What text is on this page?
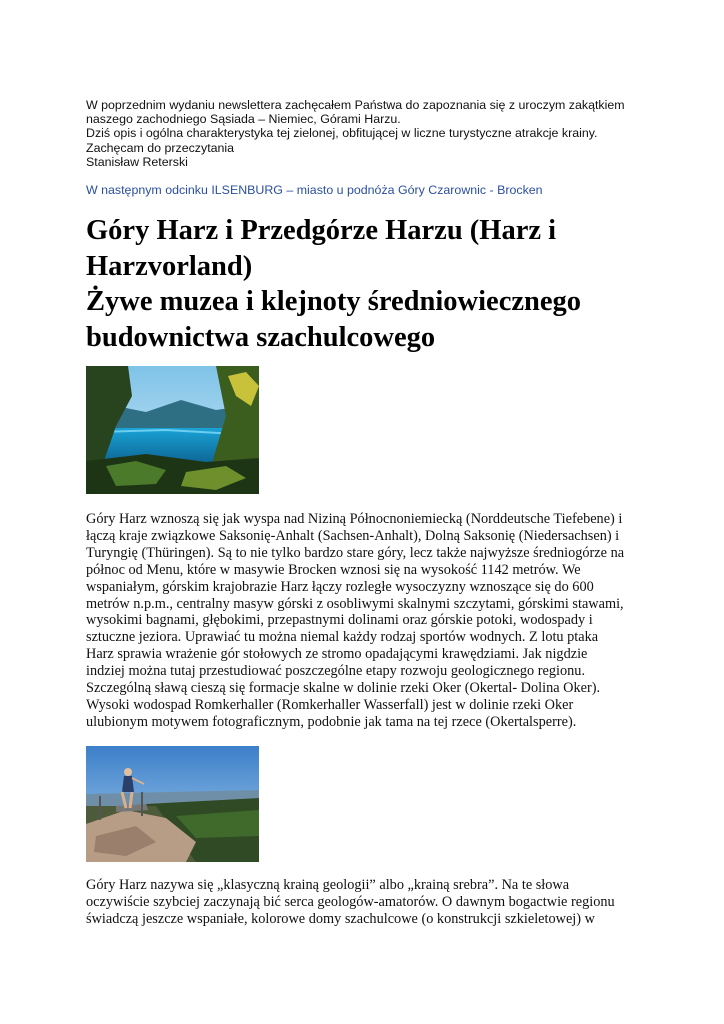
W poprzednim wydaniu newslettera zachęcałem Państwa do zapoznania się z uroczym zakątkiem

naszego zachodniego Sąsiada – Niemiec, Górami Harzu.

Dziś opis i ogólna charakterystyka tej zielonej, obfitującej w liczne turystyczne atrakcje krainy.

Zachęcam do przeczytania

Stanisław Reterski

W następnym odcinku ILSENBURG – miasto u podnóża Góry Czarownic - Brocken
Góry Harz i Przedgórze Harzu (Harz i
Harzvorland)
Żywe muzea i klejnoty średniowiecznego
budownictwa szachulcowego
Góry Harz wznoszą się jak wyspa nad Niziną Północnoniemiecką (Norddeutsche Tiefebene) i
łączą kraje związkowe Saksonię-Anhalt (Sachsen-Anhalt), Dolną Saksonię (Niedersachsen) i
Turyngię (Thüringen). Są to nie tylko bardzo stare góry, lecz także najwyższe średniogórze na
północ od Menu, które w masywie Brocken wznosi się na wysokość 1142 metrów. We
wspaniałym, górskim krajobrazie Harz łączy rozległe wysoczyzny wznoszące się do 600
metrów n.p.m., centralny masyw górski z osobliwymi skalnymi szczytami, górskimi stawami,
wysokimi bagnami, głębokimi, przepastnymi dolinami oraz górskie potoki, wodospady i
sztuczne jeziora. Uprawiać tu można niemal każdy rodzaj sportów wodnych. Z lotu ptaka
Harz sprawia wrażenie gór stołowych ze stromo opadającymi krawędziami. Jak nigdzie
indziej można tutaj przestudiować poszczególne etapy rozwoju geologicznego regionu.
Szczególną sławą cieszą się formacje skalne w dolinie rzeki Oker (Okertal- Dolina Oker).
Wysoki wodospad Romkerhaller (Romkerhaller Wasserfall) jest w dolinie rzeki Oker
ulubionym motywem fotograficznym, podobnie jak tama na tej rzece (Okertalsperre).
Góry Harz nazywa się „klasyczną krainą geologii” albo „krainą srebra”. Na te słowa
oczywiście szybciej zaczynają bić serca geologów-amatorów. O dawnym bogactwie regionu
świadczą jeszcze wspaniałe, kolorowe domy szachulcowe (o konstrukcji szkieletowej) w
